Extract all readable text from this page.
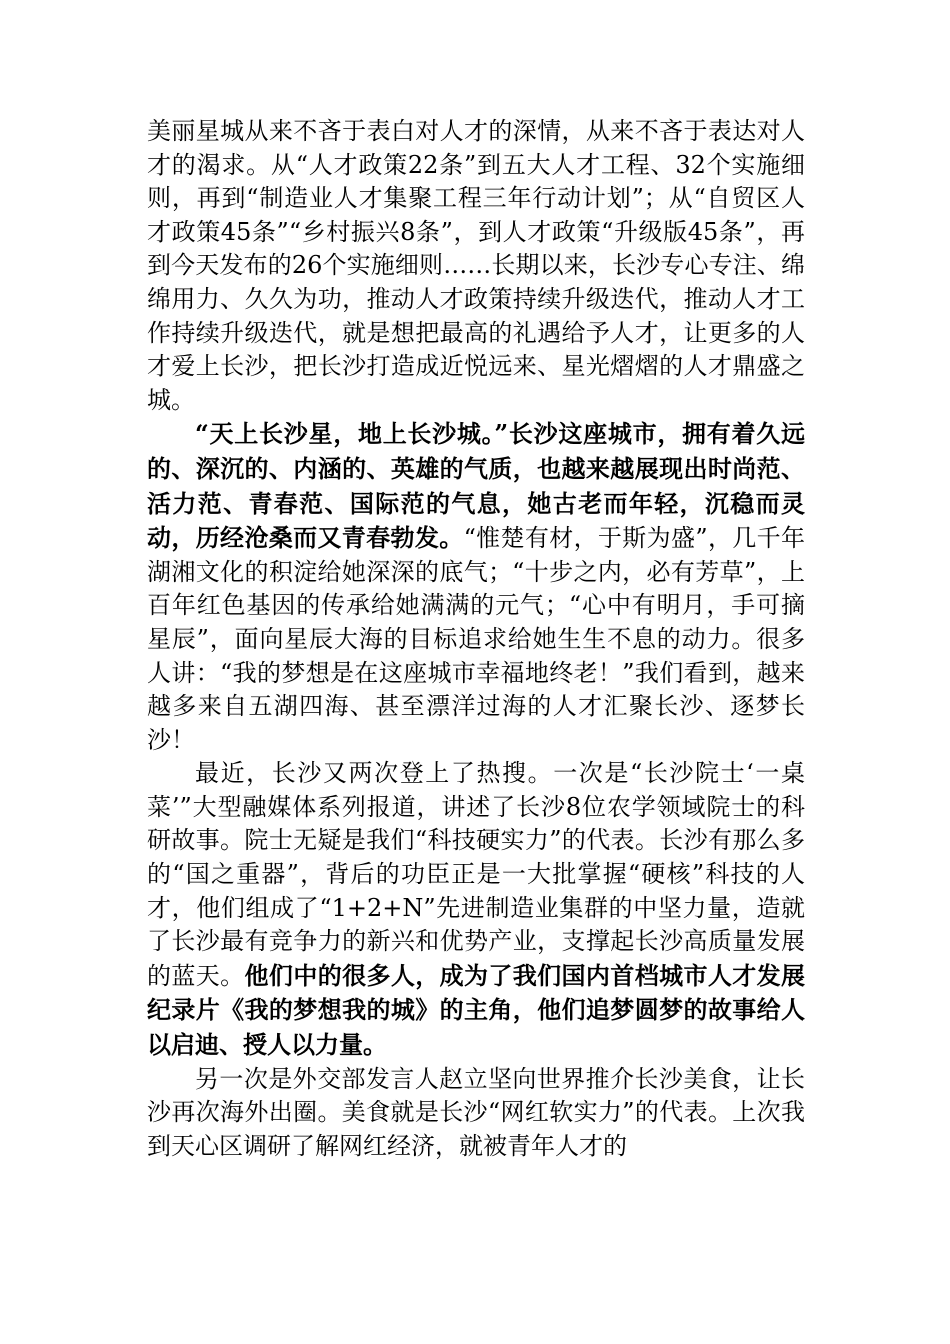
美丽星城从来不吝于表白对人才的深情，从来不吝于表达对人才的渴求。从“人才政策22条”到五大人才工程、32个实施细则，再到“制造业人才集聚工程三年行动计划”；从“自贸区人才政策45条”“乡村振兴8条”，到人才政策“升级版45条”，再到今天发布的26个实施细则……长期以来，长沙专心专注、绵绵用力、久久为功，推动人才政策持续升级迭代，推动人才工作持续升级迭代，就是想把最高的礼遇给予人才，让更多的人才爱上长沙，把长沙打造成近悦远来、星光熠熠的人才鼎盛之城。

“天上长沙星，地上长沙城。”长沙这座城市，拥有着久远的、深沉的、内涵的、英雄的气质，也越来越展现出时尚范、活力范、青春范、国际范的气息，她古老而年轻，沉稳而灵动，历经沧桑而又青春勃发。“惟楚有材，于斯为盛”，几千年湖湘文化的积淀给她深深的底气；“十步之内，必有芳草”，上百年红色基因的传承给她满满的元气；“心中有明月，手可摘星辰”，面向星辰大海的目标追求给她生生不息的动力。很多人讲：“我的梦想是在这座城市幸福地终老！”我们看到，越来越多来自五湖四海、甚至漂洋过海的人才汇聚长沙、逐梦长沙！

最近，长沙又两次登上了热搜。一次是“长沙院士‘一桌菜’”大型融媒体系列报道，讲述了长沙8位农学领域院士的科研故事。院士无疑是我们“科技硬实力”的代表。长沙有那么多的“国之重器”，背后的功臣正是一大批掌握“硬核”科技的人才，他们组成了“1+2+N”先进制造业集群的中坚力量，造就了长沙最有竞争力的新兴和优势产业，支撑起长沙高质量发展的蓝天。他们中的很多人，成为了我们国内首档城市人才发展纪录片《我的梦想我的城》的主角，他们追梦圆梦的故事给人以启迪、授人以力量。

另一次是外交部发言人赵立坚向世界推介长沙美食，让长沙再次海外出圈。美食就是长沙“网红软实力”的代表。上次我到天心区调研了解网红经济，就被青年人才的
